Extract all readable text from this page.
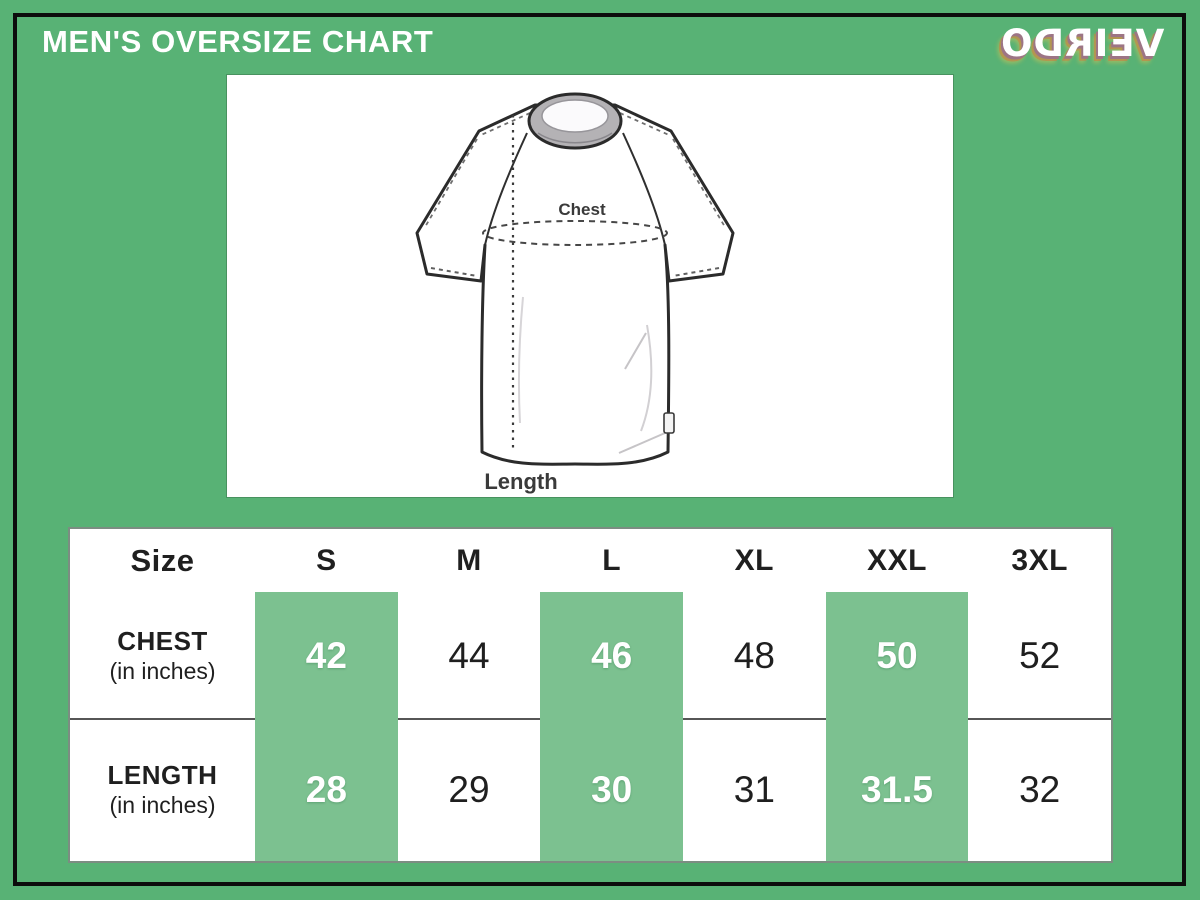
MEN'S OVERSIZE CHART	VEIRDO
Chest
Length
Size	S	M	L	XL	XXL	3XL
CHEST
(in inches)	42	44	46	48	50	52
LENGTH
(in inches)	28	29	30	31	31.5	32
